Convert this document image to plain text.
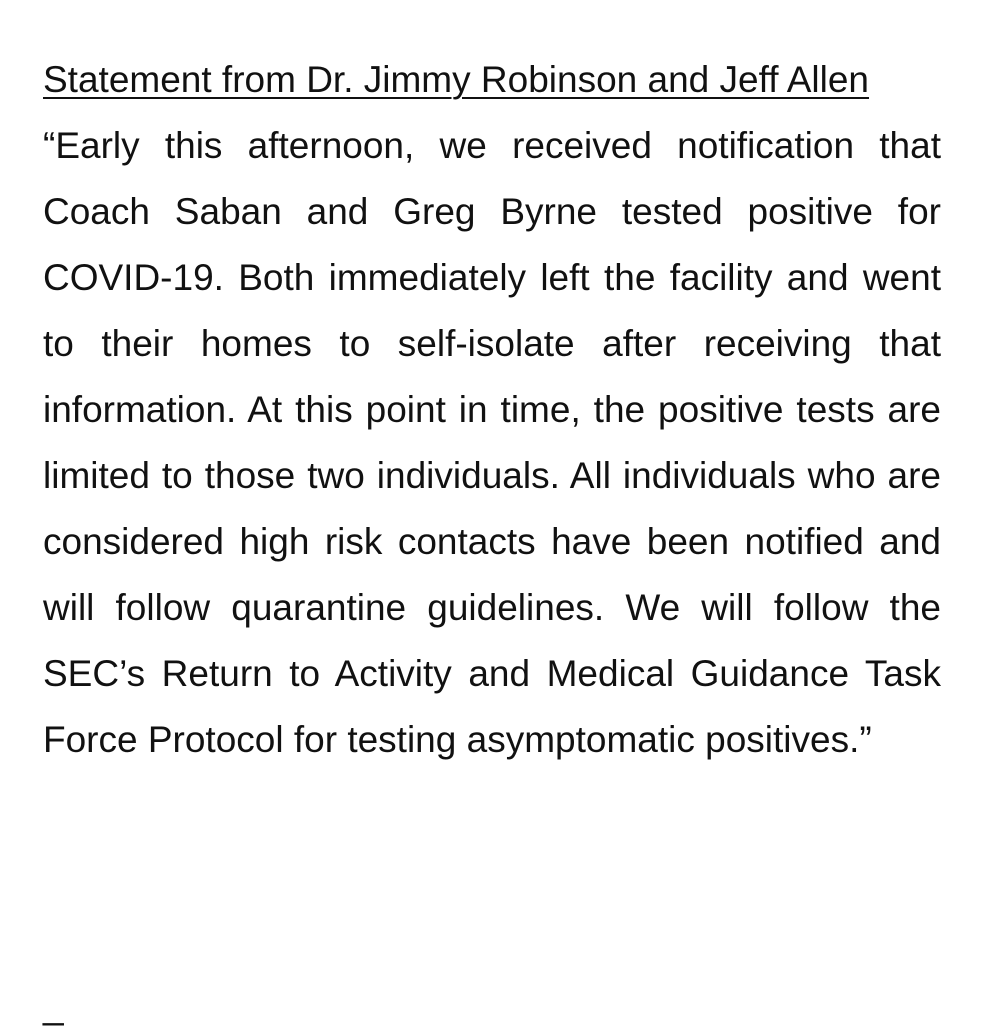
Statement from Dr. Jimmy Robinson and Jeff Allen
“Early this afternoon, we received notification that Coach Saban and Greg Byrne tested positive for COVID-19. Both immediately left the facility and went to their homes to self-isolate after receiving that information. At this point in time, the positive tests are limited to those two individuals. All individuals who are considered high risk contacts have been notified and will follow quarantine guidelines. We will follow the SEC’s Return to Activity and Medical Guidance Task Force Protocol for testing asymptomatic positives.”
_
